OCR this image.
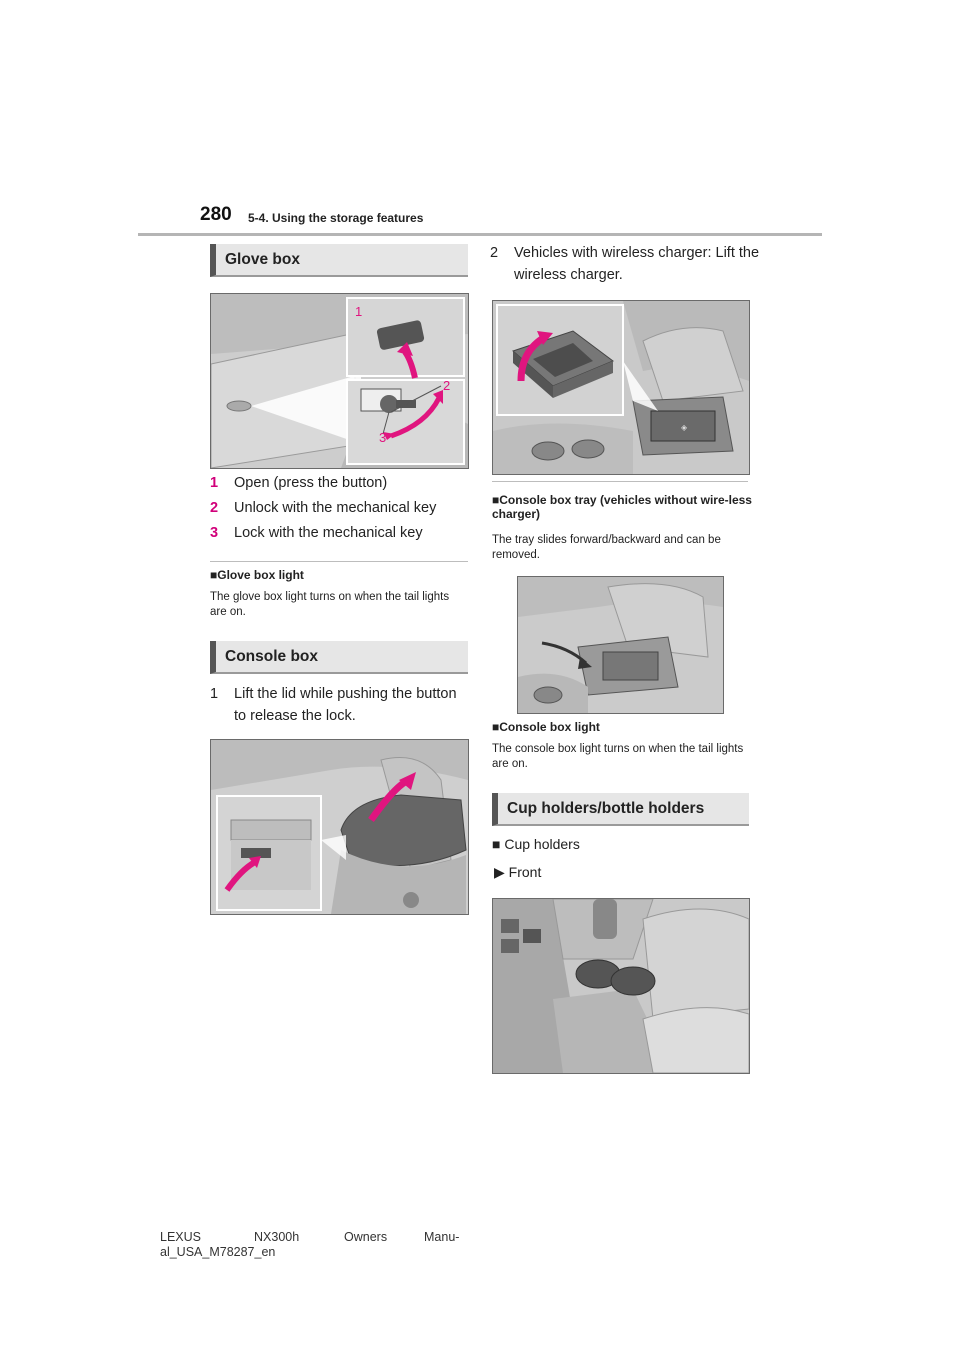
280 5-4. Using the storage features
Glove box
1
2
3
1 Open (press the button)
2 Unlock with the mechanical key
3 Lock with the mechanical key
■Glove box light
The glove box light turns on when the tail lights are on.
Console box
1 Lift the lid while pushing the button to release the lock.
2 Vehicles with wireless charger: Lift the wireless charger.
◈
■Console box tray (vehicles without wire-less charger)
The tray slides forward/backward and can be removed.
■Console box light
The console box light turns on when the tail lights are on.
Cup holders/bottle holders
■ Cup holders
▶ Front
LEXUS	NX300h	Owners	Manu-
al_USA_M78287_en
